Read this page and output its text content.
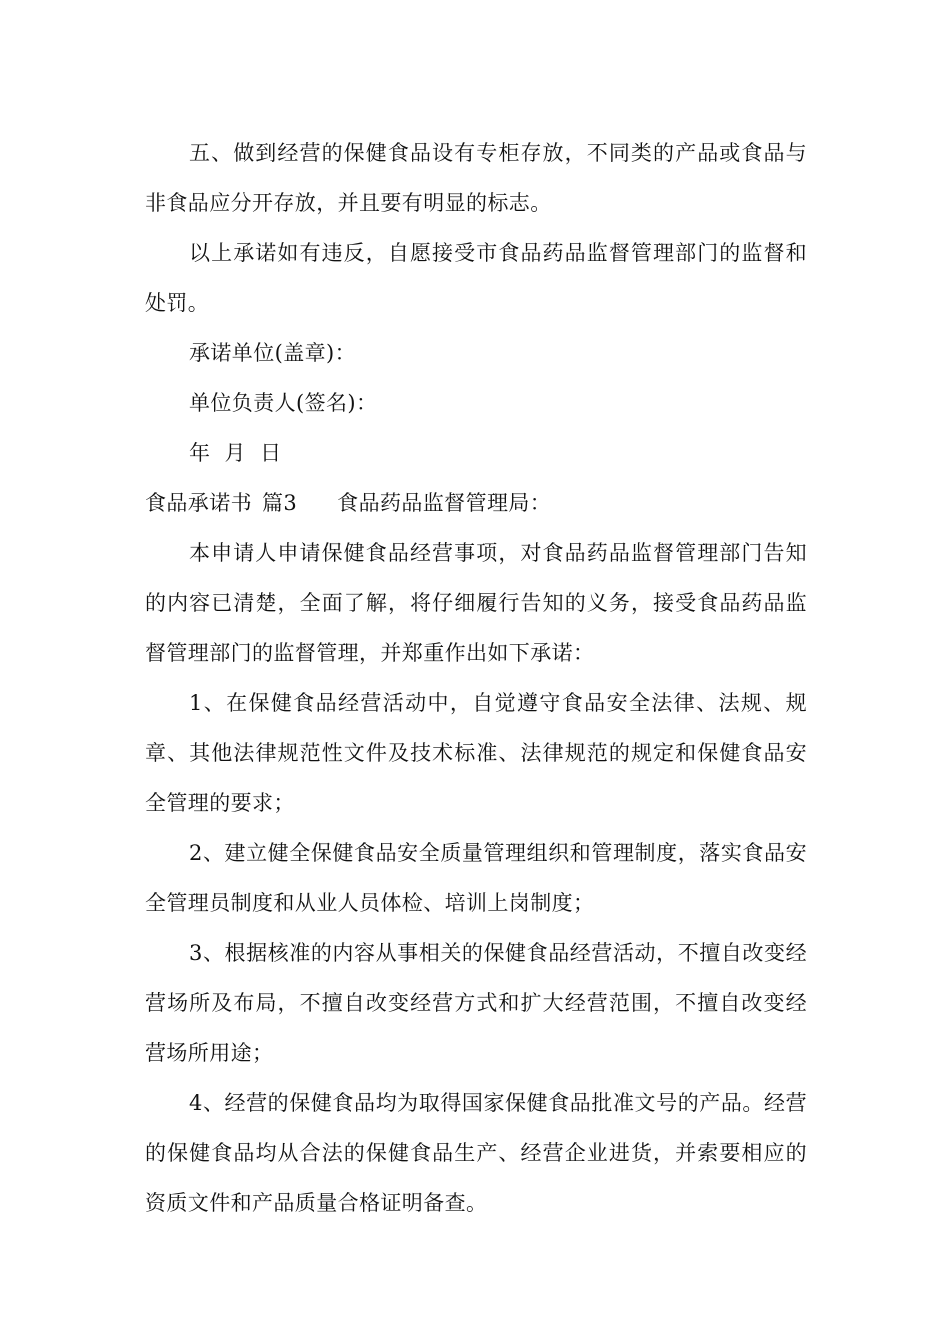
五、做到经营的保健食品设有专柜存放，不同类的产品或食品与非食品应分开存放，并且要有明显的标志。

以上承诺如有违反，自愿接受市食品药品监督管理部门的监督和处罚。

承诺单位(盖章)：

单位负责人(签名)：

年  月  日

食品承诺书 篇3 食品药品监督管理局：

本申请人申请保健食品经营事项，对食品药品监督管理部门告知的内容已清楚，全面了解，将仔细履行告知的义务，接受食品药品监督管理部门的监督管理，并郑重作出如下承诺：

1、在保健食品经营活动中，自觉遵守食品安全法律、法规、规章、其他法律规范性文件及技术标准、法律规范的规定和保健食品安全管理的要求；

2、建立健全保健食品安全质量管理组织和管理制度，落实食品安全管理员制度和从业人员体检、培训上岗制度；

3、根据核准的内容从事相关的保健食品经营活动，不擅自改变经营场所及布局，不擅自改变经营方式和扩大经营范围，不擅自改变经营场所用途；

4、经营的保健食品均为取得国家保健食品批准文号的产品。经营的保健食品均从合法的保健食品生产、经营企业进货，并索要相应的资质文件和产品质量合格证明备查。
